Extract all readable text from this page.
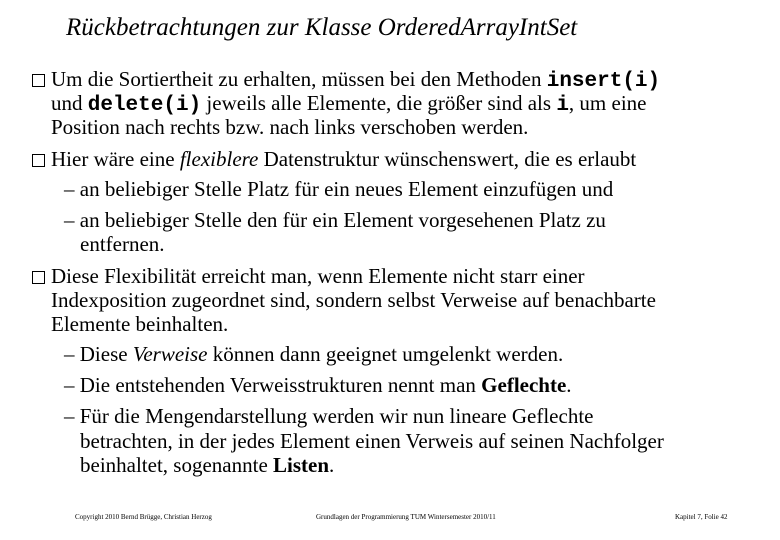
Rückbetrachtungen zur Klasse OrderedArrayIntSet
Um die Sortiertheit zu erhalten, müssen bei den Methoden insert(i)
und delete(i) jeweils alle Elemente, die größer sind als i, um eine
Position nach rechts bzw. nach links verschoben werden.
Hier wäre eine flexiblere Datenstruktur wünschenswert, die es erlaubt
– an beliebiger Stelle Platz für ein neues Element einzufügen und
– an beliebiger Stelle den für ein Element vorgesehenen Platz zu
entfernen.
Diese Flexibilität erreicht man, wenn Elemente nicht starr einer
Indexposition zugeordnet sind, sondern selbst Verweise auf benachbarte
Elemente beinhalten.
– Diese Verweise können dann geeignet umgelenkt werden.
– Die entstehenden Verweisstrukturen nennt man Geflechte.
– Für die Mengendarstellung werden wir nun lineare Geflechte
betrachten, in der jedes Element einen Verweis auf seinen Nachfolger
beinhaltet, sogenannte Listen.
Copyright 2010 Bernd Brügge, Christian Herzog	Grundlagen der Programmierung TUM Wintersemester 2010/11	Kapitel 7, Folie 42
